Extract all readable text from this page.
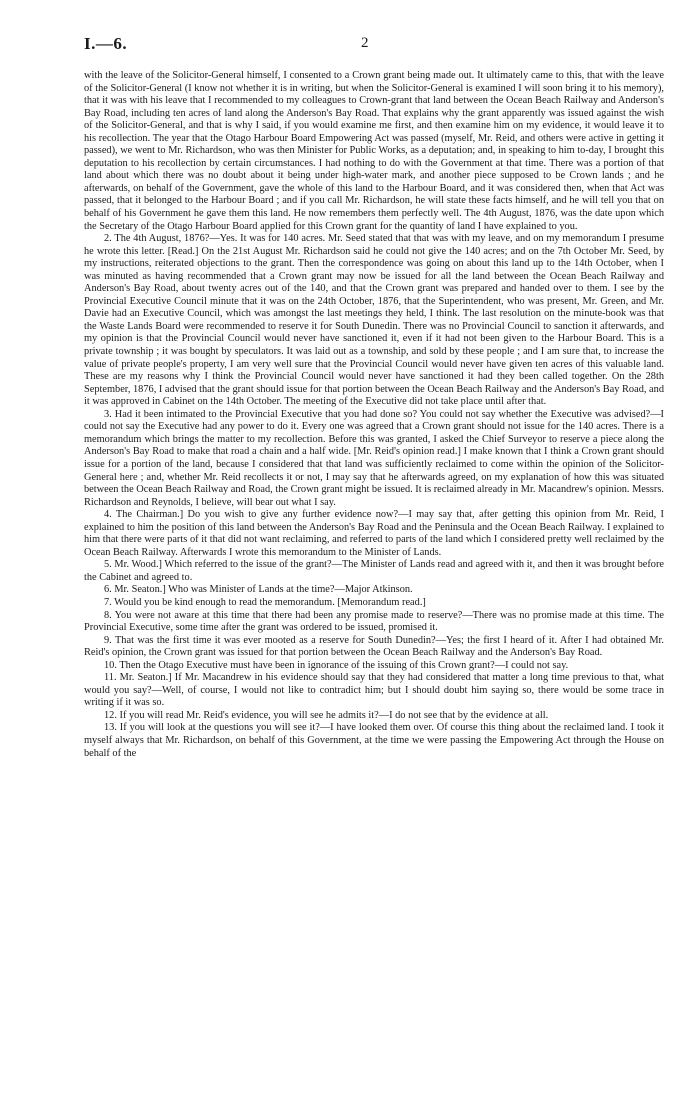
I.—6.	2

with the leave of the Solicitor-General himself, I consented to a Crown grant being made out. It ultimately came to this, that with the leave of the Solicitor-General (I know not whether it is in writing, but when the Solicitor-General is examined I will soon bring it to his memory), that it was with his leave that I recommended to my colleagues to Crown-grant that land between the Ocean Beach Railway and Anderson's Bay Road, including ten acres of land along the Anderson's Bay Road. That explains why the grant apparently was issued against the wish of the Solicitor-General, and that is why I said, if you would examine me first, and then examine him on my evidence, it would leave it to his recollection. The year that the Otago Harbour Board Empowering Act was passed (myself, Mr. Reid, and others were active in getting it passed), we went to Mr. Richardson, who was then Minister for Public Works, as a deputation; and, in speaking to him to-day, I brought this deputation to his recollection by certain circumstances. I had nothing to do with the Government at that time. There was a portion of that land about which there was no doubt about it being under high-water mark, and another piece supposed to be Crown lands ; and he afterwards, on behalf of the Government, gave the whole of this land to the Harbour Board, and it was considered then, when that Act was passed, that it belonged to the Harbour Board ; and if you call Mr. Richardson, he will state these facts himself, and he will tell you that on behalf of his Government he gave them this land. He now remembers them perfectly well. The 4th August, 1876, was the date upon which the Secretary of the Otago Harbour Board applied for this Crown grant for the quantity of land I have explained to you.

2. The 4th August, 1876?—Yes. It was for 140 acres. Mr. Seed stated that that was with my leave, and on my memorandum I presume he wrote this letter. [Read.] On the 21st August Mr. Richardson said he could not give the 140 acres; and on the 7th October Mr. Seed, by my instructions, reiterated objections to the grant. Then the correspondence was going on about this land up to the 14th October, when I was minuted as having recommended that a Crown grant may now be issued for all the land between the Ocean Beach Railway and Anderson's Bay Road, about twenty acres out of the 140, and that the Crown grant was prepared and handed over to them. I see by the Provincial Executive Council minute that it was on the 24th October, 1876, that the Superintendent, who was present, Mr. Green, and Mr. Davie had an Executive Council, which was amongst the last meetings they held, I think. The last resolution on the minute-book was that the Waste Lands Board were recommended to reserve it for South Dunedin. There was no Provincial Council to sanction it afterwards, and my opinion is that the Provincial Council would never have sanctioned it, even if it had not been given to the Harbour Board. This is a private township ; it was bought by speculators. It was laid out as a township, and sold by these people ; and I am sure that, to increase the value of private people's property, I am very well sure that the Provincial Council would never have given ten acres of this valuable land. These are my reasons why I think the Provincial Council would never have sanctioned it had they been called together. On the 28th September, 1876, I advised that the grant should issue for that portion between the Ocean Beach Railway and the Anderson's Bay Road, and it was approved in Cabinet on the 14th October. The meeting of the Executive did not take place until after that.

3. Had it been intimated to the Provincial Executive that you had done so? You could not say whether the Executive was advised?—I could not say the Executive had any power to do it. Every one was agreed that a Crown grant should not issue for the 140 acres. There is a memorandum which brings the matter to my recollection. Before this was granted, I asked the Chief Surveyor to reserve a piece along the Anderson's Bay Road to make that road a chain and a half wide. [Mr. Reid's opinion read.] I make known that I think a Crown grant should issue for a portion of the land, because I considered that that land was sufficiently reclaimed to come within the opinion of the Solicitor-General here ; and, whether Mr. Reid recollects it or not, I may say that he afterwards agreed, on my explanation of how this was situated between the Ocean Beach Railway and Road, the Crown grant might be issued. It is reclaimed already in Mr. Macandrew's opinion. Messrs. Richardson and Reynolds, I believe, will bear out what I say.

4. The Chairman.] Do you wish to give any further evidence now?—I may say that, after getting this opinion from Mr. Reid, I explained to him the position of this land between the Anderson's Bay Road and the Peninsula and the Ocean Beach Railway. I explained to him that there were parts of it that did not want reclaiming, and referred to parts of the land which I considered pretty well reclaimed by the Ocean Beach Railway. Afterwards I wrote this memorandum to the Minister of Lands.

5. Mr. Wood.] Which referred to the issue of the grant?—The Minister of Lands read and agreed with it, and then it was brought before the Cabinet and agreed to.

6. Mr. Seaton.] Who was Minister of Lands at the time?—Major Atkinson.

7. Would you be kind enough to read the memorandum. [Memorandum read.]

8. You were not aware at this time that there had been any promise made to reserve?—There was no promise made at this time. The Provincial Executive, some time after the grant was ordered to be issued, promised it.

9. That was the first time it was ever mooted as a reserve for South Dunedin?—Yes; the first I heard of it. After I had obtained Mr. Reid's opinion, the Crown grant was issued for that portion between the Ocean Beach Railway and the Anderson's Bay Road.

10. Then the Otago Executive must have been in ignorance of the issuing of this Crown grant?—I could not say.

11. Mr. Seaton.] If Mr. Macandrew in his evidence should say that they had considered that matter a long time previous to that, what would you say?—Well, of course, I would not like to contradict him; but I should doubt him saying so, there would be some trace in writing if it was so.

12. If you will read Mr. Reid's evidence, you will see he admits it?—I do not see that by the evidence at all.

13. If you will look at the questions you will see it?—I have looked them over. Of course this thing about the reclaimed land. I took it myself always that Mr. Richardson, on behalf of this Government, at the time we were passing the Empowering Act through the House on behalf of the
